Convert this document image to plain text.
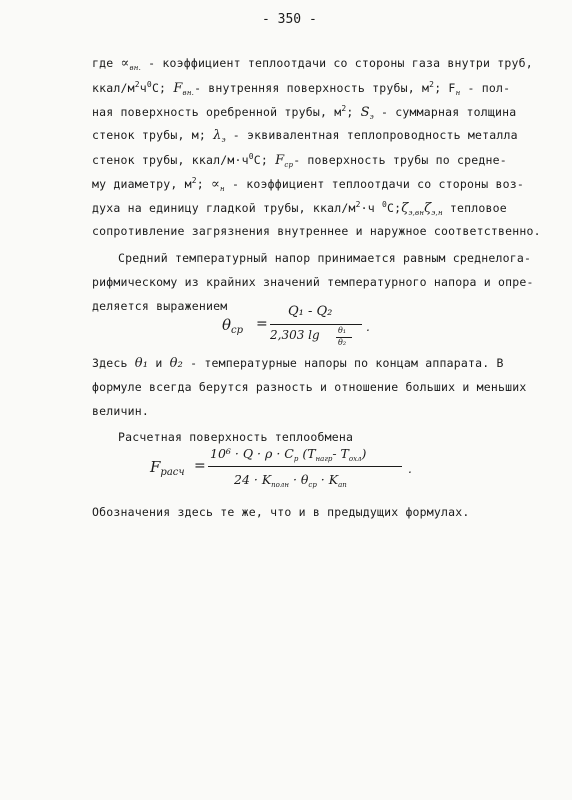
- 350 -
где $\propto_{вн.}$ - коэффициент теплоотдачи со стороны газа внутри труб,
ккал/$м^2ч^0С$; $F_{вн.}-$ внутренняя поверхность трубы, $м^2$; $F_н - пол-$
ная поверхность оребренной трубы, $м^2$; $S_э$ - суммарная толщина
стенок трубы, м; $\lambda_э$ - эквивалентная теплопроводность металла
стенок трубы, ккал/$м\cdot ч^0С$; $F_{ср}-$ поверхность трубы по средне-
му диаметру, $м^2$; $\propto_н$ - коэффициент теплоотдачи со стороны воз-
духа на единицу гладкой трубы, ккал/$м^2\cdot ч$ $^0С;\zeta_{э,вн}\zeta_{э,н}$ тепловое
сопротивление загрязнения внутреннее и наружное соответственно.
Средний температурный напор принимается равным среднелога-
рифмическому из крайних значений температурного напора и опре-
деляется выражением
$\theta_{ср}$ =
Q₁ - Q₂
2,303 lg θ₁
θ₂
.
Здесь θ₁ и θ₂ - температурные напоры по концам аппарата. В
формуле всегда берутся разность и отношение больших и меньших
величин.
Расчетная поверхность теплообмена
$F_{расч}$ =
$10^6 \cdot Q \cdot \rho \cdot C_p$ ($T_{нагр}-$ $T_{охл}$)
$24 \cdot K_{полн} \cdot \theta_{ср} \cdot K_{ап}$
.
Обозначения здесь те же, что и в предыдущих формулах.
